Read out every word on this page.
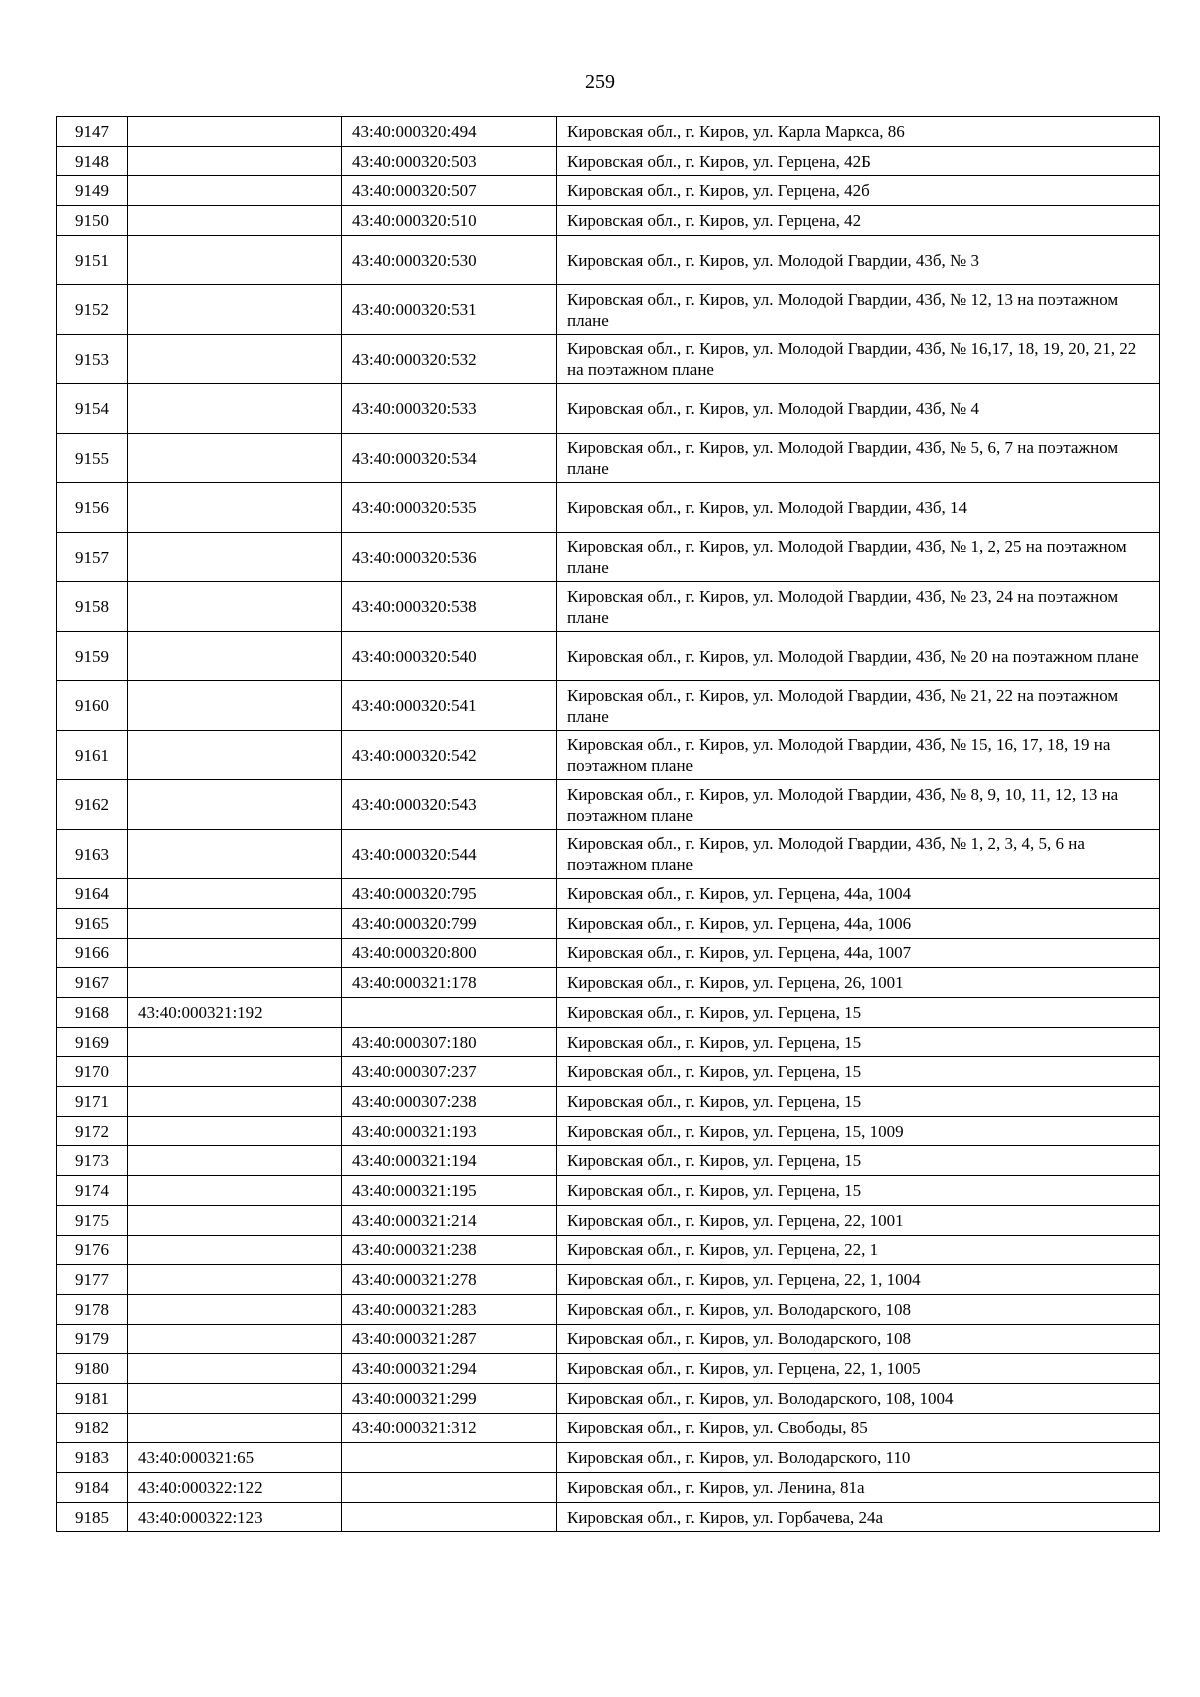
259
9147		43:40:000320:494	Кировская обл., г. Киров, ул. Карла Маркса, 86
9148		43:40:000320:503	Кировская обл., г. Киров, ул. Герцена, 42Б
9149		43:40:000320:507	Кировская обл., г. Киров, ул. Герцена, 42б
9150		43:40:000320:510	Кировская обл., г. Киров, ул. Герцена, 42
9151		43:40:000320:530	Кировская обл., г. Киров, ул. Молодой Гвардии, 43б, № 3
9152		43:40:000320:531	Кировская обл., г. Киров, ул. Молодой Гвардии, 43б, № 12, 13 на поэтажном плане
9153		43:40:000320:532	Кировская обл., г. Киров, ул. Молодой Гвардии, 43б, № 16,17, 18, 19, 20, 21, 22 на поэтажном плане
9154		43:40:000320:533	Кировская обл., г. Киров, ул. Молодой Гвардии, 43б, № 4
9155		43:40:000320:534	Кировская обл., г. Киров, ул. Молодой Гвардии, 43б, № 5, 6, 7 на поэтажном плане
9156		43:40:000320:535	Кировская обл., г. Киров, ул. Молодой Гвардии, 43б, 14
9157		43:40:000320:536	Кировская обл., г. Киров, ул. Молодой Гвардии, 43б, № 1, 2, 25 на поэтажном плане
9158		43:40:000320:538	Кировская обл., г. Киров, ул. Молодой Гвардии, 43б, № 23, 24 на поэтажном плане
9159		43:40:000320:540	Кировская обл., г. Киров, ул. Молодой Гвардии, 43б, № 20 на поэтажном плане
9160		43:40:000320:541	Кировская обл., г. Киров, ул. Молодой Гвардии, 43б, № 21, 22 на поэтажном плане
9161		43:40:000320:542	Кировская обл., г. Киров, ул. Молодой Гвардии, 43б, № 15, 16, 17, 18, 19 на поэтажном плане
9162		43:40:000320:543	Кировская обл., г. Киров, ул. Молодой Гвардии, 43б, № 8, 9, 10, 11, 12, 13 на поэтажном плане
9163		43:40:000320:544	Кировская обл., г. Киров, ул. Молодой Гвардии, 43б, № 1, 2, 3, 4, 5, 6 на поэтажном плане
9164		43:40:000320:795	Кировская обл., г. Киров, ул. Герцена, 44а, 1004
9165		43:40:000320:799	Кировская обл., г. Киров, ул. Герцена, 44а, 1006
9166		43:40:000320:800	Кировская обл., г. Киров, ул. Герцена, 44а, 1007
9167		43:40:000321:178	Кировская обл., г. Киров, ул. Герцена, 26, 1001
9168	43:40:000321:192		Кировская обл., г. Киров, ул. Герцена, 15
9169		43:40:000307:180	Кировская обл., г. Киров, ул. Герцена, 15
9170		43:40:000307:237	Кировская обл., г. Киров, ул. Герцена, 15
9171		43:40:000307:238	Кировская обл., г. Киров, ул. Герцена, 15
9172		43:40:000321:193	Кировская обл., г. Киров, ул. Герцена, 15, 1009
9173		43:40:000321:194	Кировская обл., г. Киров, ул. Герцена, 15
9174		43:40:000321:195	Кировская обл., г. Киров, ул. Герцена, 15
9175		43:40:000321:214	Кировская обл., г. Киров, ул. Герцена, 22, 1001
9176		43:40:000321:238	Кировская обл., г. Киров, ул. Герцена, 22, 1
9177		43:40:000321:278	Кировская обл., г. Киров, ул. Герцена, 22, 1, 1004
9178		43:40:000321:283	Кировская обл., г. Киров, ул. Володарского, 108
9179		43:40:000321:287	Кировская обл., г. Киров, ул. Володарского, 108
9180		43:40:000321:294	Кировская обл., г. Киров, ул. Герцена, 22, 1, 1005
9181		43:40:000321:299	Кировская обл., г. Киров, ул. Володарского, 108, 1004
9182		43:40:000321:312	Кировская обл., г. Киров, ул. Свободы, 85
9183	43:40:000321:65		Кировская обл., г. Киров, ул. Володарского, 110
9184	43:40:000322:122		Кировская обл., г. Киров, ул. Ленина, 81а
9185	43:40:000322:123		Кировская обл., г. Киров, ул. Горбачева, 24а
